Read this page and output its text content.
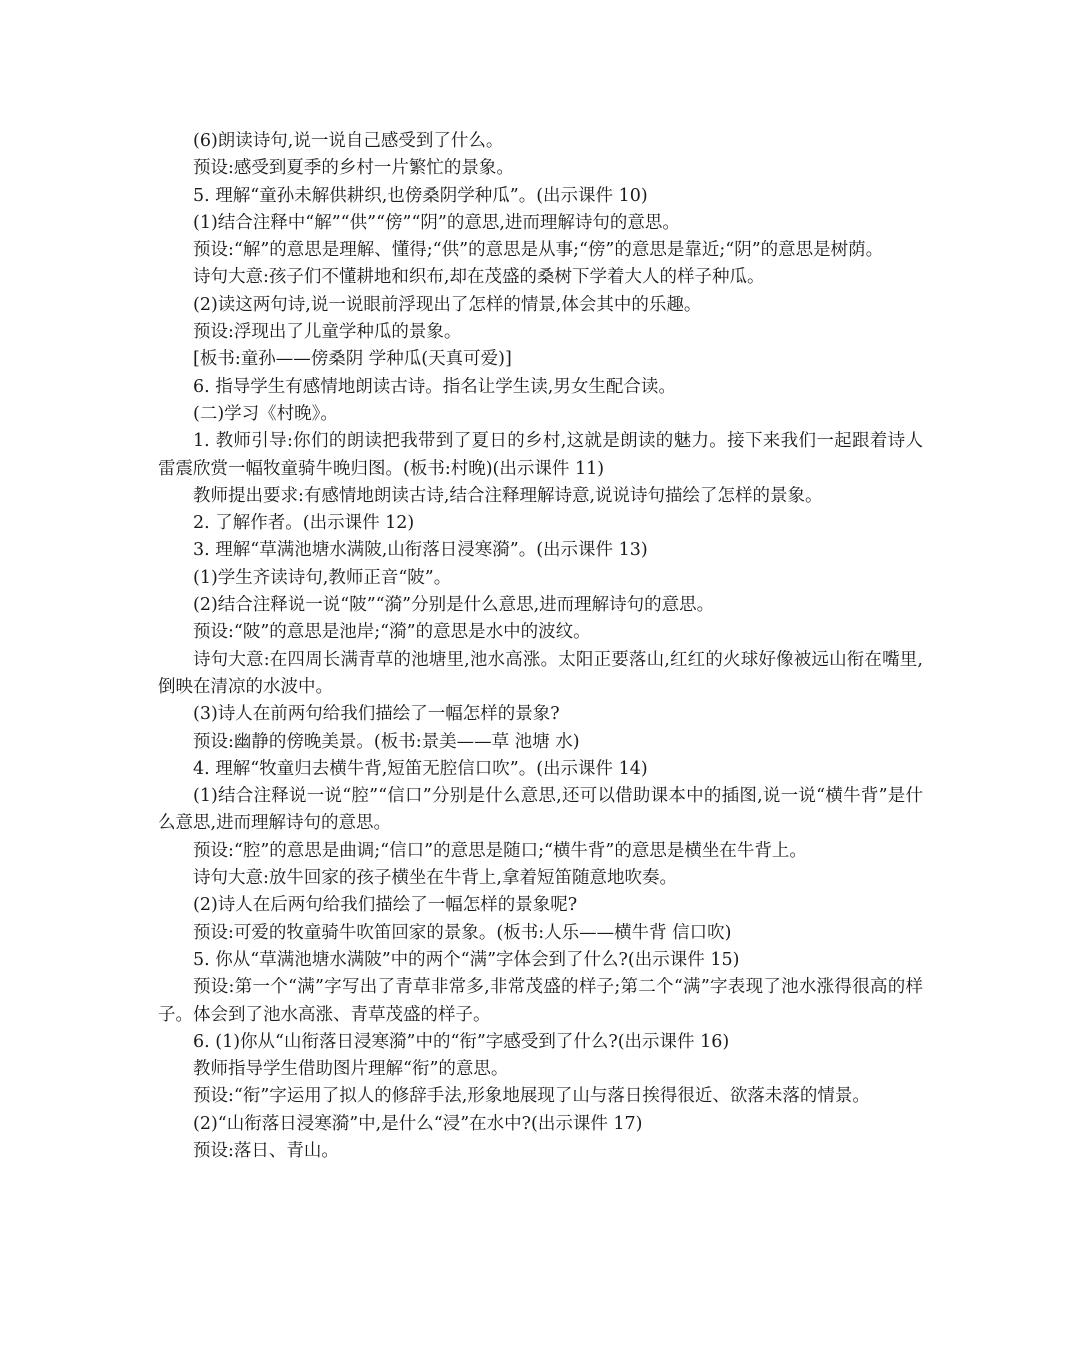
(6)朗读诗句,说一说自己感受到了什么。

预设:感受到夏季的乡村一片繁忙的景象。

5. 理解“童孙未解供耕织,也傍桑阴学种瓜”。(出示课件 10)

(1)结合注释中“解”“供”“傍”“阴”的意思,进而理解诗句的意思。

预设:“解”的意思是理解、懂得;“供”的意思是从事;“傍”的意思是靠近;“阴”的意思是树荫。

诗句大意:孩子们不懂耕地和织布,却在茂盛的桑树下学着大人的样子种瓜。

(2)读这两句诗,说一说眼前浮现出了怎样的情景,体会其中的乐趣。

预设:浮现出了儿童学种瓜的景象。

[板书:童孙——傍桑阴 学种瓜(天真可爱)]

6. 指导学生有感情地朗读古诗。指名让学生读,男女生配合读。

(二)学习《村晚》。

1. 教师引导:你们的朗读把我带到了夏日的乡村,这就是朗读的魅力。接下来我们一起跟着诗人雷震欣赏一幅牧童骑牛晚归图。(板书:村晚)(出示课件 11)

教师提出要求:有感情地朗读古诗,结合注释理解诗意,说说诗句描绘了怎样的景象。

2. 了解作者。(出示课件 12)

3. 理解“草满池塘水满陂,山衔落日浸寒漪”。(出示课件 13)

(1)学生齐读诗句,教师正音“陂”。

(2)结合注释说一说“陂”“漪”分别是什么意思,进而理解诗句的意思。

预设:“陂”的意思是池岸;“漪”的意思是水中的波纹。

诗句大意:在四周长满青草的池塘里,池水高涨。太阳正要落山,红红的火球好像被远山衔在嘴里,倒映在清凉的水波中。

(3)诗人在前两句给我们描绘了一幅怎样的景象?

预设:幽静的傍晚美景。(板书:景美——草 池塘 水)

4. 理解“牧童归去横牛背,短笛无腔信口吹”。(出示课件 14)

(1)结合注释说一说“腔”“信口”分别是什么意思,还可以借助课本中的插图,说一说“横牛背”是什么意思,进而理解诗句的意思。

预设:“腔”的意思是曲调;“信口”的意思是随口;“横牛背”的意思是横坐在牛背上。

诗句大意:放牛回家的孩子横坐在牛背上,拿着短笛随意地吹奏。

(2)诗人在后两句给我们描绘了一幅怎样的景象呢?

预设:可爱的牧童骑牛吹笛回家的景象。(板书:人乐——横牛背 信口吹)

5. 你从“草满池塘水满陂”中的两个“满”字体会到了什么?(出示课件 15)

预设:第一个“满”字写出了青草非常多,非常茂盛的样子;第二个“满”字表现了池水涨得很高的样子。体会到了池水高涨、青草茂盛的样子。

6. (1)你从“山衔落日浸寒漪”中的“衔”字感受到了什么?(出示课件 16)

教师指导学生借助图片理解“衔”的意思。

预设:“衔”字运用了拟人的修辞手法,形象地展现了山与落日挨得很近、欲落未落的情景。

(2)“山衔落日浸寒漪”中,是什么“浸”在水中?(出示课件 17)

预设:落日、青山。
